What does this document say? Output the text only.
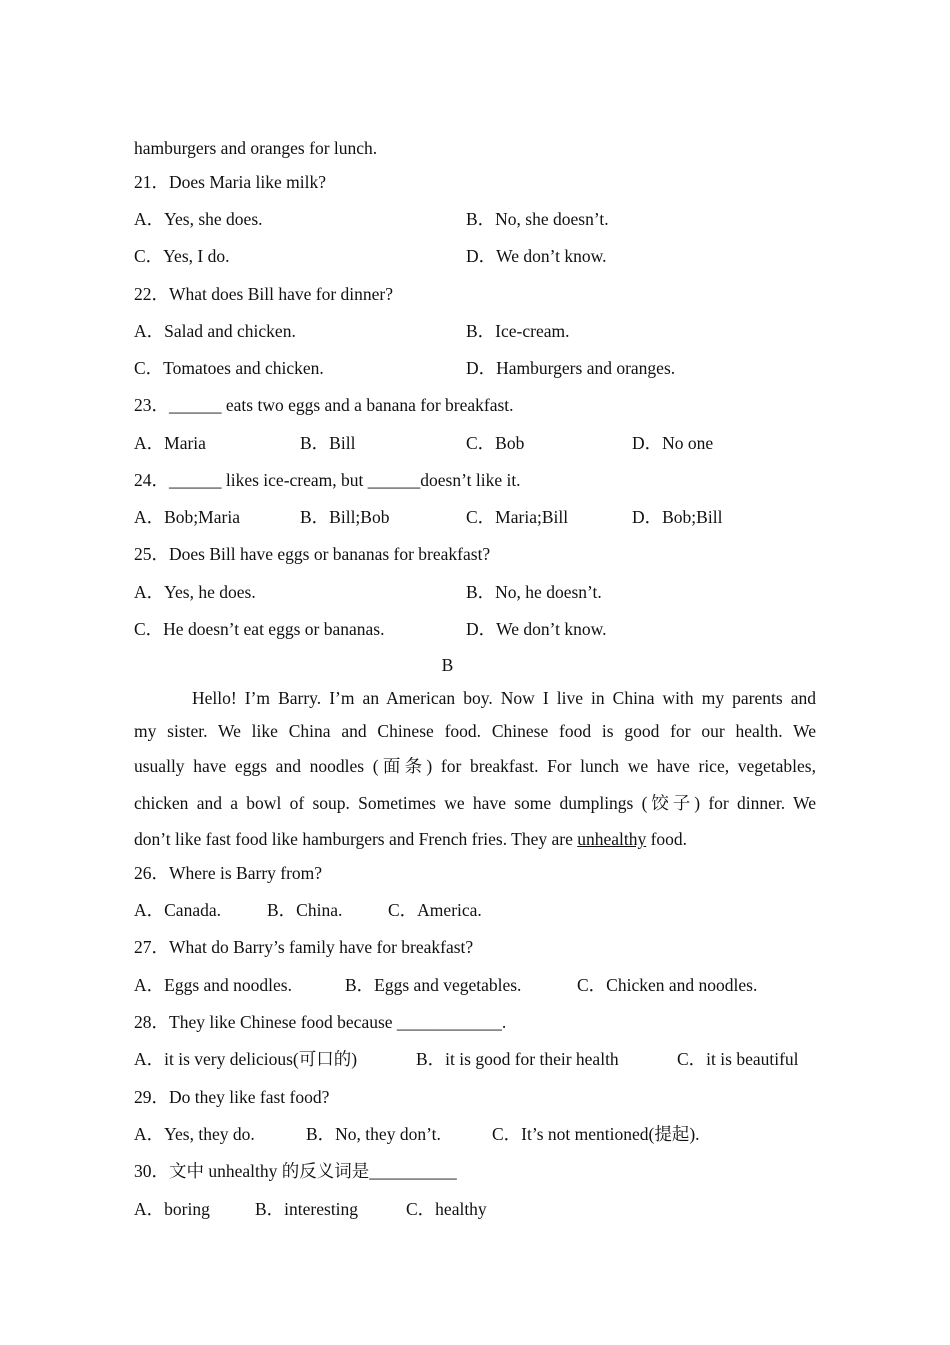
hamburgers and oranges for lunch.
21．Does Maria like milk?
A．Yes, she does.	B．No, she doesn’t.
C．Yes, I do.	D．We don’t know.
22．What does Bill have for dinner?
A．Salad and chicken.	B．Ice-cream.
C．Tomatoes and chicken.	D．Hamburgers and oranges.
23．______ eats two eggs and a banana for breakfast.
A．Maria	B．Bill	C．Bob	D．No one
24．______ likes ice-cream, but ______doesn’t like it.
A．Bob;Maria	B．Bill;Bob	C．Maria;Bill	D．Bob;Bill
25．Does Bill have eggs or bananas for breakfast?
A．Yes, he does.	B．No, he doesn’t.
C．He doesn’t eat eggs or bananas.	D．We don’t know.
B
Hello! I’m Barry. I’m an American boy. Now I live in China with my parents and
my sister. We like China and Chinese food. Chinese food is good for our health. We
usually have eggs and noodles (面条) for breakfast. For lunch we have rice, vegetables,
chicken and a bowl of soup. Sometimes we have some dumplings (饺子) for dinner. We
don’t like fast food like hamburgers and French fries. They are unhealthy food.
26．Where is Barry from?
A．Canada.	B．China.	C．America.
27．What do Barry’s family have for breakfast?
A．Eggs and noodles.	B．Eggs and vegetables.	C．Chicken and noodles.
28．They like Chinese food because ____________.
A．it is very delicious(可口的)	B．it is good for their health	C．it is beautiful
29．Do they like fast food?
A．Yes, they do.	B．No, they don’t.	C．It’s not mentioned(提起).
30．文中 unhealthy 的反义词是__________
A．boring	B．interesting	C．healthy
